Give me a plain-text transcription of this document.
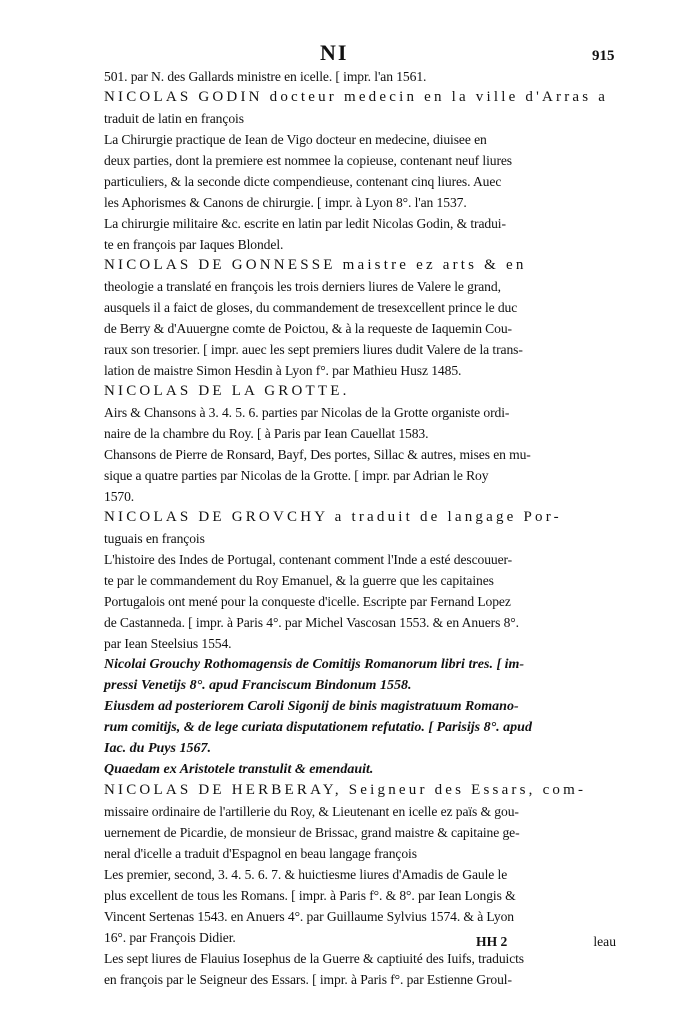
NI	915

501. par N. des Gallards ministre en icelle. [ impr. l'an 1561.

NICOLAS GODIN docteur medecin en la ville d'Arras a

traduit de latin en françois

La Chirurgie practique de Iean de Vigo docteur en medecine, diuisee en

deux parties, dont la premiere est nommee la copieuse, contenant neuf liures

particuliers, & la seconde dicte compendieuse, contenant cinq liures. Auec

les Aphorismes & Canons de chirurgie. [ impr. à Lyon 8°. l'an 1537.

La chirurgie militaire &c. escrite en latin par ledit Nicolas Godin, & tradui-

te en françois par Iaques Blondel.

NICOLAS DE GONNESSE maistre ez arts & en

theologie a translaté en françois les trois derniers liures de Valere le grand,

ausquels il a faict de gloses, du commandement de tresexcellent prince le duc

de Berry & d'Auuergne comte de Poictou, & à la requeste de Iaquemin Cou-

raux son tresorier. [ impr. auec les sept premiers liures dudit Valere de la trans-

lation de maistre Simon Hesdin à Lyon f°. par Mathieu Husz 1485.

NICOLAS DE LA GROTTE.

Airs & Chansons à 3. 4. 5. 6. parties par Nicolas de la Grotte organiste ordi-

naire de la chambre du Roy. [ à Paris par Iean Cauellat 1583.

Chansons de Pierre de Ronsard, Bayf, Des portes, Sillac & autres, mises en mu-

sique a quatre parties par Nicolas de la Grotte. [ impr. par Adrian le Roy

1570.

NICOLAS DE GROVCHY a traduit de langage Por-

tuguais en françois

L'histoire des Indes de Portugal, contenant comment l'Inde a esté descouuer-

te par le commandement du Roy Emanuel, & la guerre que les capitaines

Portugalois ont mené pour la conqueste d'icelle. Escripte par Fernand Lopez

de Castanneda. [ impr. à Paris 4°. par Michel Vascosan 1553. & en Anuers 8°.

par Iean Steelsius 1554.

Nicolai Grouchy Rothomagensis de Comitijs Romanorum libri tres. [ im-

pressi Venetijs 8°. apud Franciscum Bindonum 1558.

Eiusdem ad posteriorem Caroli Sigonij de binis magistratuum Romano-

rum comitijs, & de lege curiata disputationem refutatio. [ Parisijs 8°. apud

Iac. du Puys 1567.

Quaedam ex Aristotele transtulit & emendauit.

NICOLAS DE HERBERAY, Seigneur des Essars, com-

missaire ordinaire de l'artillerie du Roy, & Lieutenant en icelle ez païs & gou-

uernement de Picardie, de monsieur de Brissac, grand maistre & capitaine ge-

neral d'icelle a traduit d'Espagnol en beau langage françois

Les premier, second, 3. 4. 5. 6. 7. & huictiesme liures d'Amadis de Gaule le

plus excellent de tous les Romans. [ impr. à Paris f°. & 8°. par Iean Longis &

Vincent Sertenas 1543. en Anuers 4°. par Guillaume Sylvius 1574. & à Lyon

16°. par François Didier.

Les sept liures de Flauius Iosephus de la Guerre & captiuité des Iuifs, traduicts

en françois par le Seigneur des Essars. [ impr. à Paris f°. par Estienne Groul-

HH 2	leau
